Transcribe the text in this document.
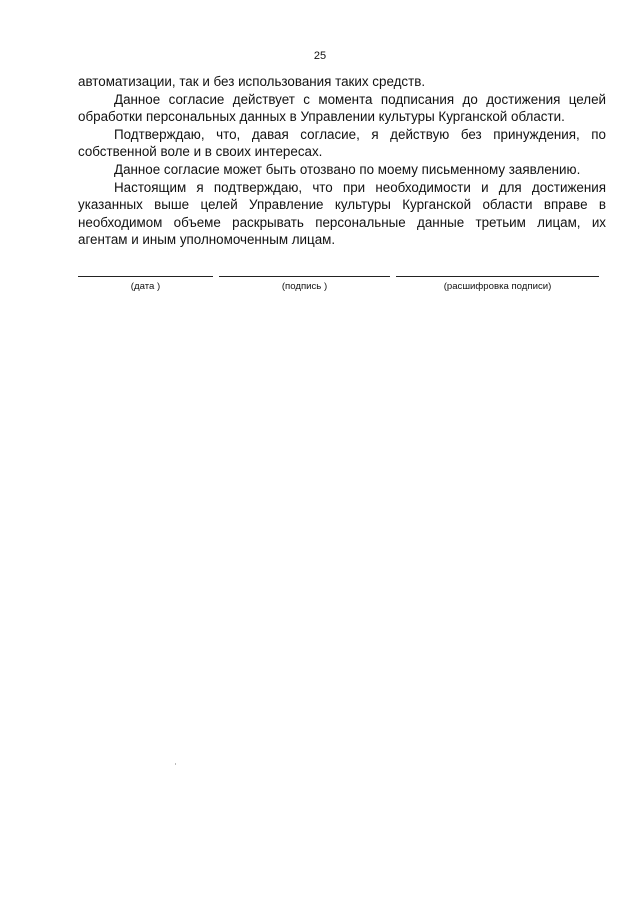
25

автоматизации, так и без использования таких средств.

Данное согласие действует с момента подписания до достижения целей обработки персональных данных в Управлении культуры Курганской области.

Подтверждаю, что, давая согласие, я действую без принуждения, по собственной воле и в своих интересах.

Данное согласие может быть отозвано по моему письменному заявлению.

Настоящим я подтверждаю, что при необходимости и для достижения указанных выше целей Управление культуры Курганской области вправе в необходимом объеме раскрывать персональные данные третьим лицам, их агентам и иным уполномоченным лицам.

(дата )	(подпись )	(расшифровка подписи)
